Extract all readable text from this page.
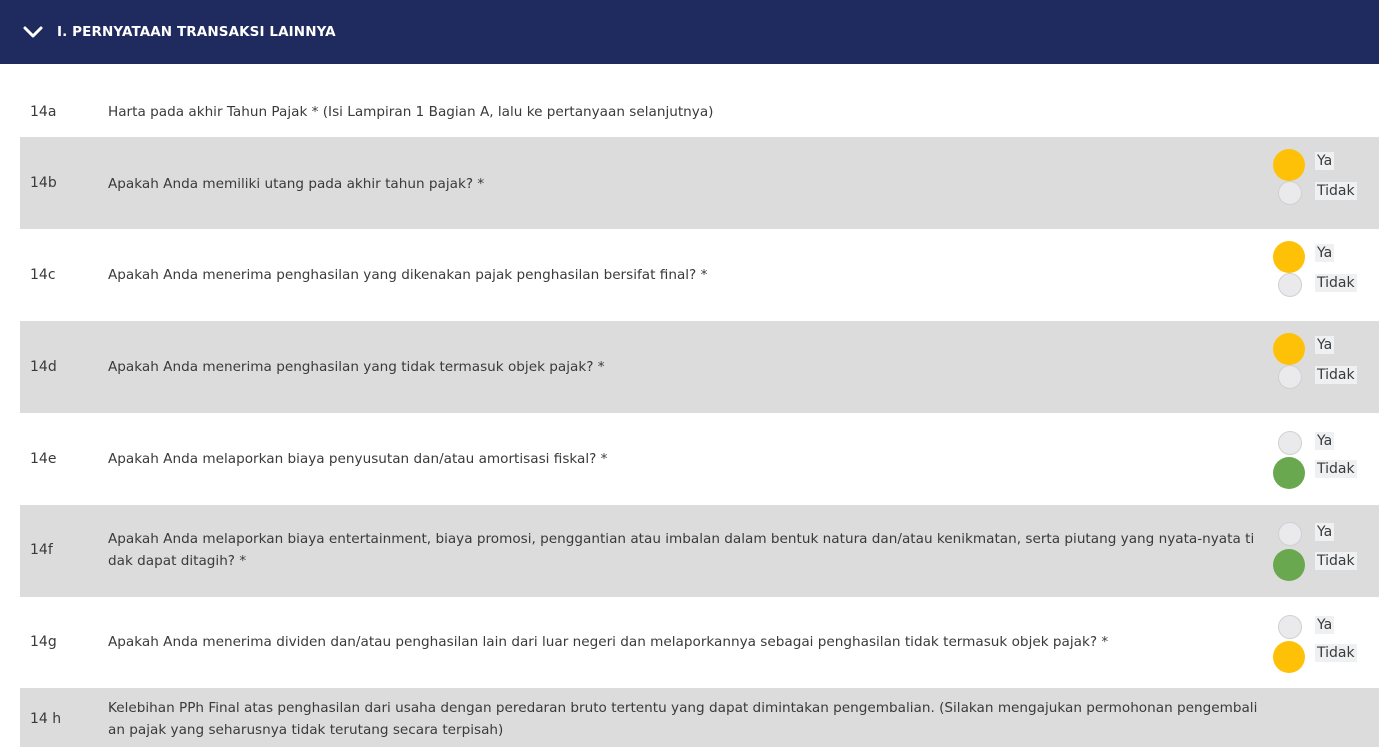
I. PERNYATAAN TRANSAKSI LAINNYA
14a	Harta pada akhir Tahun Pajak * (Isi Lampiran 1 Bagian A, lalu ke pertanyaan selanjutnya)
14b	Apakah Anda memiliki utang pada akhir tahun pajak? *
Ya
Tidak
14c	Apakah Anda menerima penghasilan yang dikenakan pajak penghasilan bersifat final? *
Ya
Tidak
14d	Apakah Anda menerima penghasilan yang tidak termasuk objek pajak? *
Ya
Tidak
14e	Apakah Anda melaporkan biaya penyusutan dan/atau amortisasi fiskal? *
Ya
Tidak
14f
Apakah Anda melaporkan biaya entertainment, biaya promosi, penggantian atau imbalan dalam bentuk natura dan/atau kenikmatan, serta piutang yang nyata-nyata tidak dapat ditagih? *
Ya
Tidak
14g	Apakah Anda menerima dividen dan/atau penghasilan lain dari luar negeri dan melaporkannya sebagai penghasilan tidak termasuk objek pajak? *
Ya
Tidak
14 h
Kelebihan PPh Final atas penghasilan dari usaha dengan peredaran bruto tertentu yang dapat dimintakan pengembalian. (Silakan mengajukan permohonan pengembalian pajak yang seharusnya tidak terutang secara terpisah)
